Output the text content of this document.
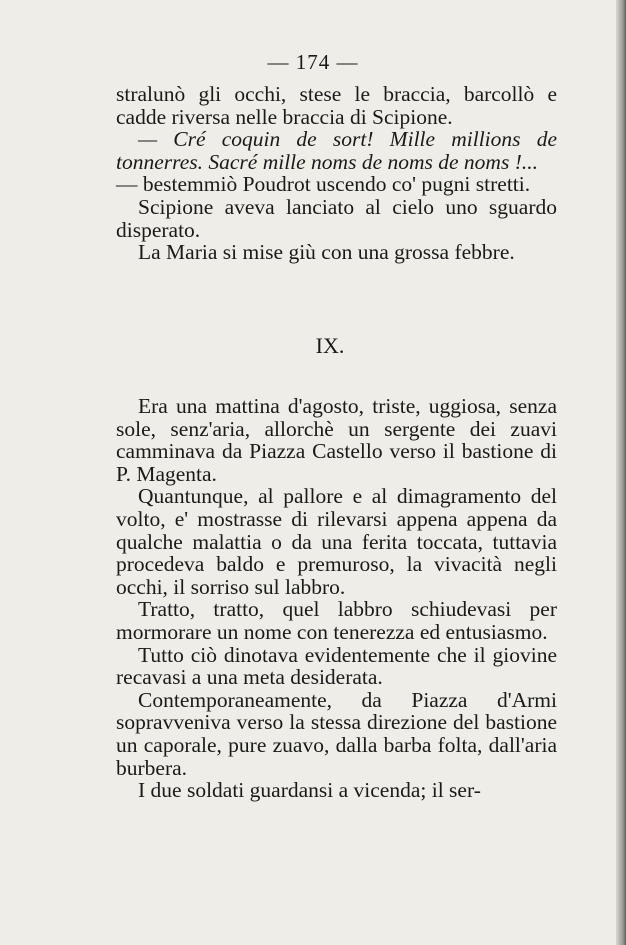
— 174 —

stralunò gli occhi, stese le braccia, barcollò e cadde riversa nelle braccia di Scipione.

— Cré coquin de sort! Mille millions de tonnerres. Sacré mille noms de noms de noms !...

— bestemmiò Poudrot uscendo co' pugni stretti.

Scipione aveva lanciato al cielo uno sguardo disperato.

La Maria si mise giù con una grossa febbre.

IX.

Era una mattina d'agosto, triste, uggiosa, senza sole, senz'aria, allorchè un sergente dei zuavi camminava da Piazza Castello verso il bastione di P. Magenta.

Quantunque, al pallore e al dimagramento del volto, e' mostrasse di rilevarsi appena appena da qualche malattia o da una ferita toccata, tuttavia procedeva baldo e premuroso, la vivacità negli occhi, il sorriso sul labbro.

Tratto, tratto, quel labbro schiudevasi per mormorare un nome con tenerezza ed entusiasmo.

Tutto ciò dinotava evidentemente che il giovine recavasi a una meta desiderata.

Contemporaneamente, da Piazza d'Armi sopravveniva verso la stessa direzione del bastione un caporale, pure zuavo, dalla barba folta, dall'aria burbera.

I due soldati guardansi a vicenda; il ser-
